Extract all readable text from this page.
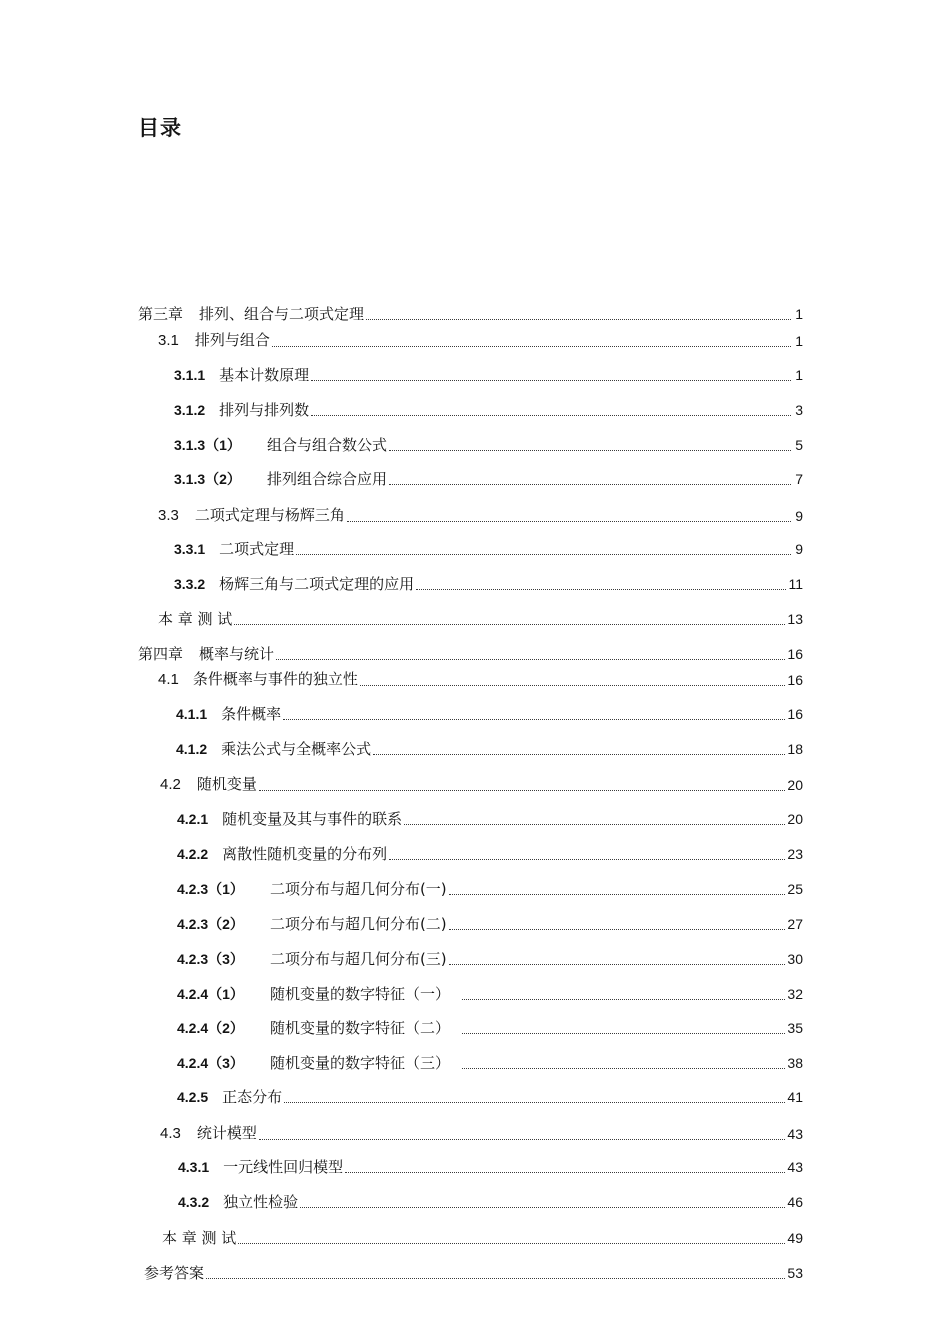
目录
第三章 排列、组合与二项式定理	1
3.1 排列与组合	1
3.1.1 基本计数原理	1
3.1.2 排列与排列数	3
3.1.3（1） 组合与组合数公式	5
3.1.3（2） 排列组合综合应用	7
3.3 二项式定理与杨辉三角	9
3.3.1 二项式定理	9
3.3.2 杨辉三角与二项式定理的应用	11
本 章 测 试	13
第四章 概率与统计	16
4.1 条件概率与事件的独立性	16
4.1.1 条件概率	16
4.1.2 乘法公式与全概率公式	18
4.2 随机变量	20
4.2.1 随机变量及其与事件的联系	20
4.2.2 离散性随机变量的分布列	23
4.2.3（1） 二项分布与超几何分布(一)	25
4.2.3（2） 二项分布与超几何分布(二)	27
4.2.3（3） 二项分布与超几何分布(三)	30
4.2.4（1） 随机变量的数字特征（一）	32
4.2.4（2） 随机变量的数字特征（二）	35
4.2.4（3） 随机变量的数字特征（三）	38
4.2.5 正态分布	41
4.3 统计模型	43
4.3.1 一元线性回归模型	43
4.3.2 独立性检验	46
本 章 测 试	49
参考答案	53
